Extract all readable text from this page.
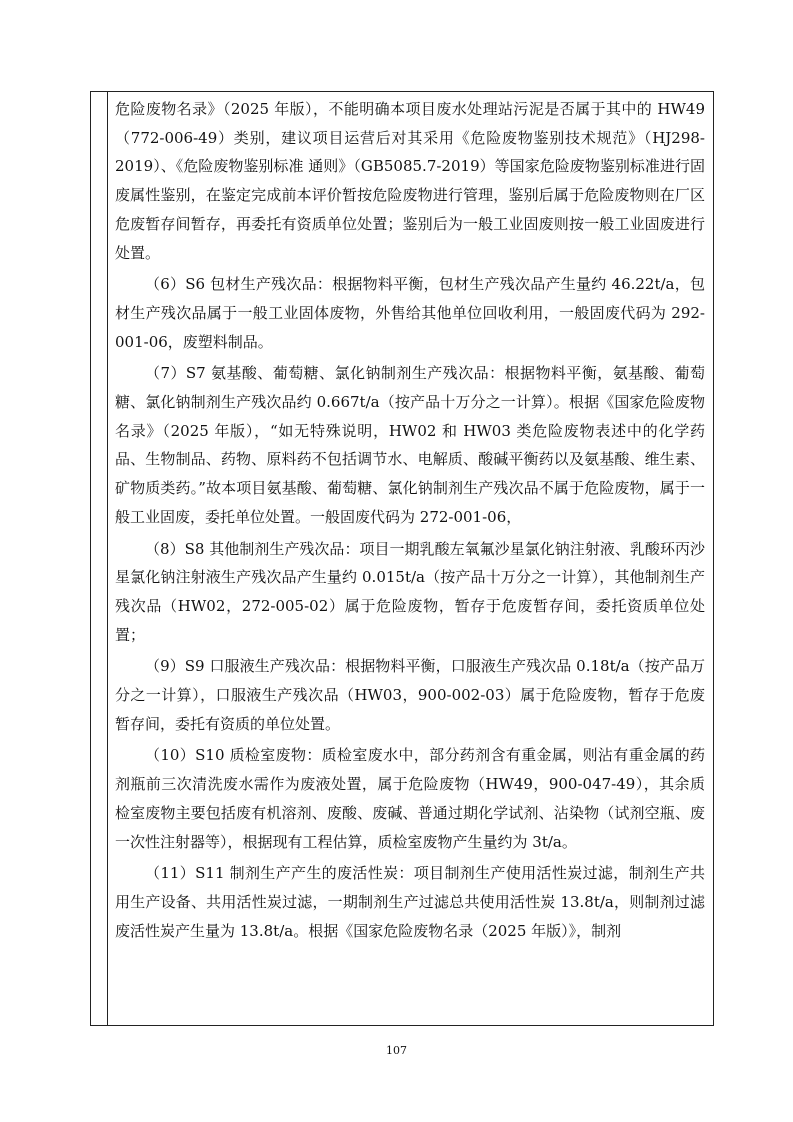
危险废物名录》（2025 年版），不能明确本项目废水处理站污泥是否属于其中的 HW49（772-006-49）类别，建议项目运营后对其采用《危险废物鉴别技术规范》（HJ298-2019）、《危险废物鉴别标准 通则》（GB5085.7-2019）等国家危险废物鉴别标准进行固废属性鉴别，在鉴定完成前本评价暂按危险废物进行管理，鉴别后属于危险废物则在厂区危废暂存间暂存，再委托有资质单位处置；鉴别后为一般工业固废则按一般工业固废进行处置。

（6）S6 包材生产残次品：根据物料平衡，包材生产残次品产生量约 46.22t/a，包材生产残次品属于一般工业固体废物，外售给其他单位回收利用，一般固废代码为 292-001-06，废塑料制品。

（7）S7 氨基酸、葡萄糖、氯化钠制剂生产残次品：根据物料平衡，氨基酸、葡萄糖、氯化钠制剂生产残次品约 0.667t/a（按产品十万分之一计算）。根据《国家危险废物名录》（2025 年版），“如无特殊说明，HW02 和 HW03 类危险废物表述中的化学药品、生物制品、药物、原料药不包括调节水、电解质、酸碱平衡药以及氨基酸、维生素、矿物质类药。”故本项目氨基酸、葡萄糖、氯化钠制剂生产残次品不属于危险废物，属于一般工业固废，委托单位处置。一般固废代码为 272-001-06，

（8）S8 其他制剂生产残次品：项目一期乳酸左氧氟沙星氯化钠注射液、乳酸环丙沙星氯化钠注射液生产残次品产生量约 0.015t/a（按产品十万分之一计算），其他制剂生产残次品（HW02，272-005-02）属于危险废物，暂存于危废暂存间，委托资质单位处置；

（9）S9 口服液生产残次品：根据物料平衡，口服液生产残次品 0.18t/a（按产品万分之一计算），口服液生产残次品（HW03，900-002-03）属于危险废物，暂存于危废暂存间，委托有资质的单位处置。

（10）S10 质检室废物：质检室废水中，部分药剂含有重金属，则沾有重金属的药剂瓶前三次清洗废水需作为废液处置，属于危险废物（HW49，900-047-49），其余质检室废物主要包括废有机溶剂、废酸、废碱、普通过期化学试剂、沾染物（试剂空瓶、废一次性注射器等），根据现有工程估算，质检室废物产生量约为 3t/a。

（11）S11 制剂生产产生的废活性炭：项目制剂生产使用活性炭过滤，制剂生产共用生产设备、共用活性炭过滤，一期制剂生产过滤总共使用活性炭 13.8t/a，则制剂过滤废活性炭产生量为 13.8t/a。根据《国家危险废物名录（2025 年版）》，制剂

107
